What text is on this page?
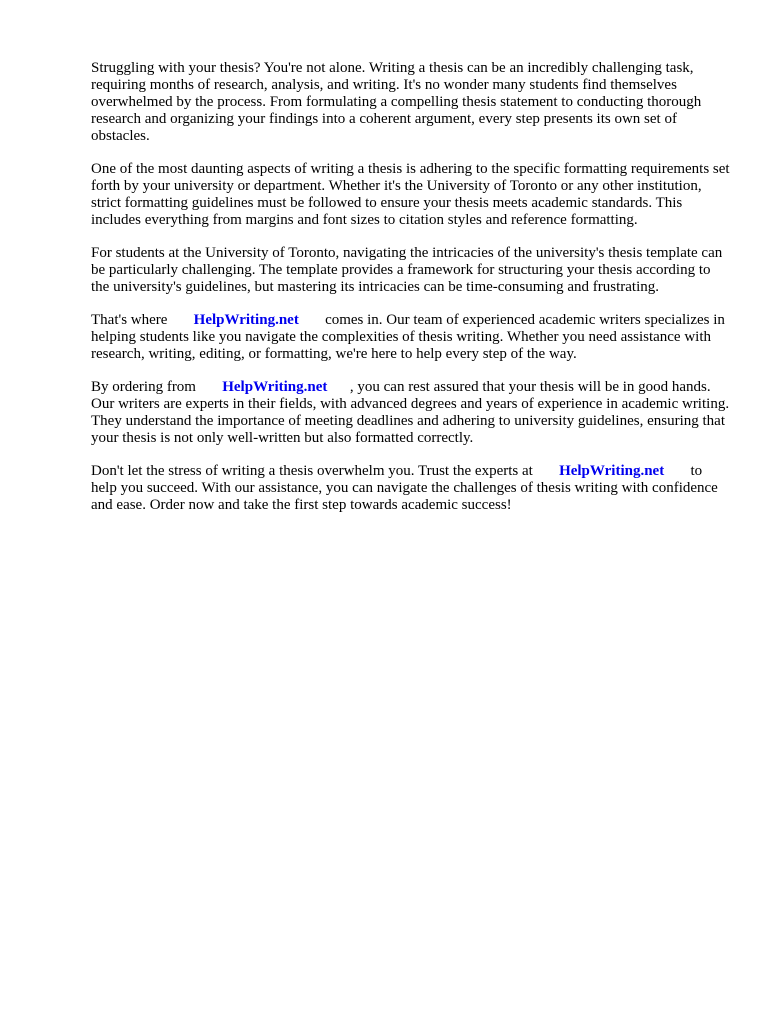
Struggling with your thesis? You're not alone. Writing a thesis can be an incredibly challenging task, requiring months of research, analysis, and writing. It's no wonder many students find themselves overwhelmed by the process. From formulating a compelling thesis statement to conducting thorough research and organizing your findings into a coherent argument, every step presents its own set of obstacles.

One of the most daunting aspects of writing a thesis is adhering to the specific formatting requirements set forth by your university or department. Whether it's the University of Toronto or any other institution, strict formatting guidelines must be followed to ensure your thesis meets academic standards. This includes everything from margins and font sizes to citation styles and reference formatting.

For students at the University of Toronto, navigating the intricacies of the university's thesis template can be particularly challenging. The template provides a framework for structuring your thesis according to the university's guidelines, but mastering its intricacies can be time-consuming and frustrating.

That's where HelpWriting.net comes in. Our team of experienced academic writers specializes in helping students like you navigate the complexities of thesis writing. Whether you need assistance with research, writing, editing, or formatting, we're here to help every step of the way.

By ordering from HelpWriting.net , you can rest assured that your thesis will be in good hands. Our writers are experts in their fields, with advanced degrees and years of experience in academic writing. They understand the importance of meeting deadlines and adhering to university guidelines, ensuring that your thesis is not only well-written but also formatted correctly.

Don't let the stress of writing a thesis overwhelm you. Trust the experts at HelpWriting.net to help you succeed. With our assistance, you can navigate the challenges of thesis writing with confidence and ease. Order now and take the first step towards academic success!
